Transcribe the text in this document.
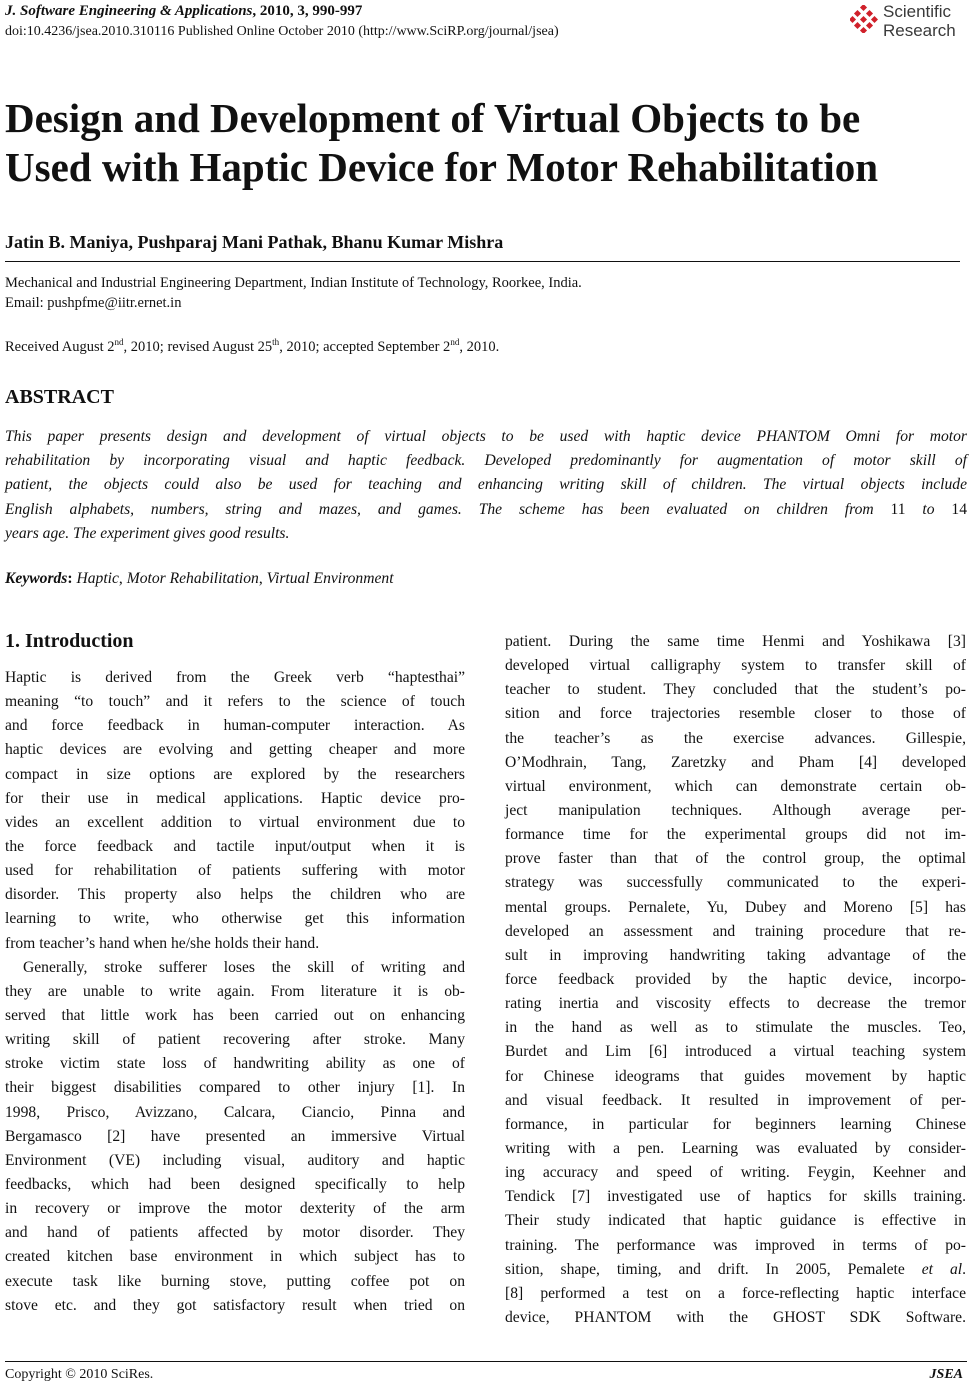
J. Software Engineering & Applications, 2010, 3, 990-997
doi:10.4236/jsea.2010.310116 Published Online October 2010 (http://www.SciRP.org/journal/jsea)
Scientific
Research
Design and Development of Virtual Objects to be
Used with Haptic Device for Motor Rehabilitation
Jatin B. Maniya, Pushparaj Mani Pathak, Bhanu Kumar Mishra
Mechanical and Industrial Engineering Department, Indian Institute of Technology, Roorkee, India.
Email: pushpfme@iitr.ernet.in
Received August 2nd, 2010; revised August 25th, 2010; accepted September 2nd, 2010.
ABSTRACT
This paper presents design and development of virtual objects to be used with haptic device PHANTOM Omni for motor
rehabilitation by incorporating visual and haptic feedback. Developed predominantly for augmentation of motor skill of
patient, the objects could also be used for teaching and enhancing writing skill of children. The virtual objects include
English alphabets, numbers, string and mazes, and games. The scheme has been evaluated on children from 11 to 14
years age. The experiment gives good results.
Keywords: Haptic, Motor Rehabilitation, Virtual Environment
1. Introduction
Haptic is derived from the Greek verb “haptesthai”
meaning “to touch” and it refers to the science of touch
and force feedback in human-computer interaction. As
haptic devices are evolving and getting cheaper and more
compact in size options are explored by the researchers
for their use in medical applications. Haptic device pro-
vides an excellent addition to virtual environment due to
the force feedback and tactile input/output when it is
used for rehabilitation of patients suffering with motor
disorder. This property also helps the children who are
learning to write, who otherwise get this information
from teacher’s hand when he/she holds their hand.
Generally, stroke sufferer loses the skill of writing and
they are unable to write again. From literature it is ob-
served that little work has been carried out on enhancing
writing skill of patient recovering after stroke. Many
stroke victim state loss of handwriting ability as one of
their biggest disabilities compared to other injury [1]. In
1998, Prisco, Avizzano, Calcara, Ciancio, Pinna and
Bergamasco [2] have presented an immersive Virtual
Environment (VE) including visual, auditory and haptic
feedbacks, which had been designed specifically to help
in recovery or improve the motor dexterity of the arm
and hand of patients affected by motor disorder. They
created kitchen base environment in which subject has to
execute task like burning stove, putting coffee pot on
stove etc. and they got satisfactory result when tried on
patient. During the same time Henmi and Yoshikawa [3]
developed virtual calligraphy system to transfer skill of
teacher to student. They concluded that the student’s po-
sition and force trajectories resemble closer to those of
the teacher’s as the exercise advances. Gillespie,
O’Modhrain, Tang, Zaretzky and Pham [4] developed
virtual environment, which can demonstrate certain ob-
ject manipulation techniques. Although average per-
formance time for the experimental groups did not im-
prove faster than that of the control group, the optimal
strategy was successfully communicated to the experi-
mental groups. Pernalete, Yu, Dubey and Moreno [5] has
developed an assessment and training procedure that re-
sult in improving handwriting taking advantage of the
force feedback provided by the haptic device, incorpo-
rating inertia and viscosity effects to decrease the tremor
in the hand as well as to stimulate the muscles. Teo,
Burdet and Lim [6] introduced a virtual teaching system
for Chinese ideograms that guides movement by haptic
and visual feedback. It resulted in improvement of per-
formance, in particular for beginners learning Chinese
writing with a pen. Learning was evaluated by consider-
ing accuracy and speed of writing. Feygin, Keehner and
Tendick [7] investigated use of haptics for skills training.
Their study indicated that haptic guidance is effective in
training. The performance was improved in terms of po-
sition, shape, timing, and drift. In 2005, Pemalete et al.
[8] performed a test on a force-reflecting haptic interface
device, PHANTOM with the GHOST SDK Software.
Copyright © 2010 SciRes.	JSEA
